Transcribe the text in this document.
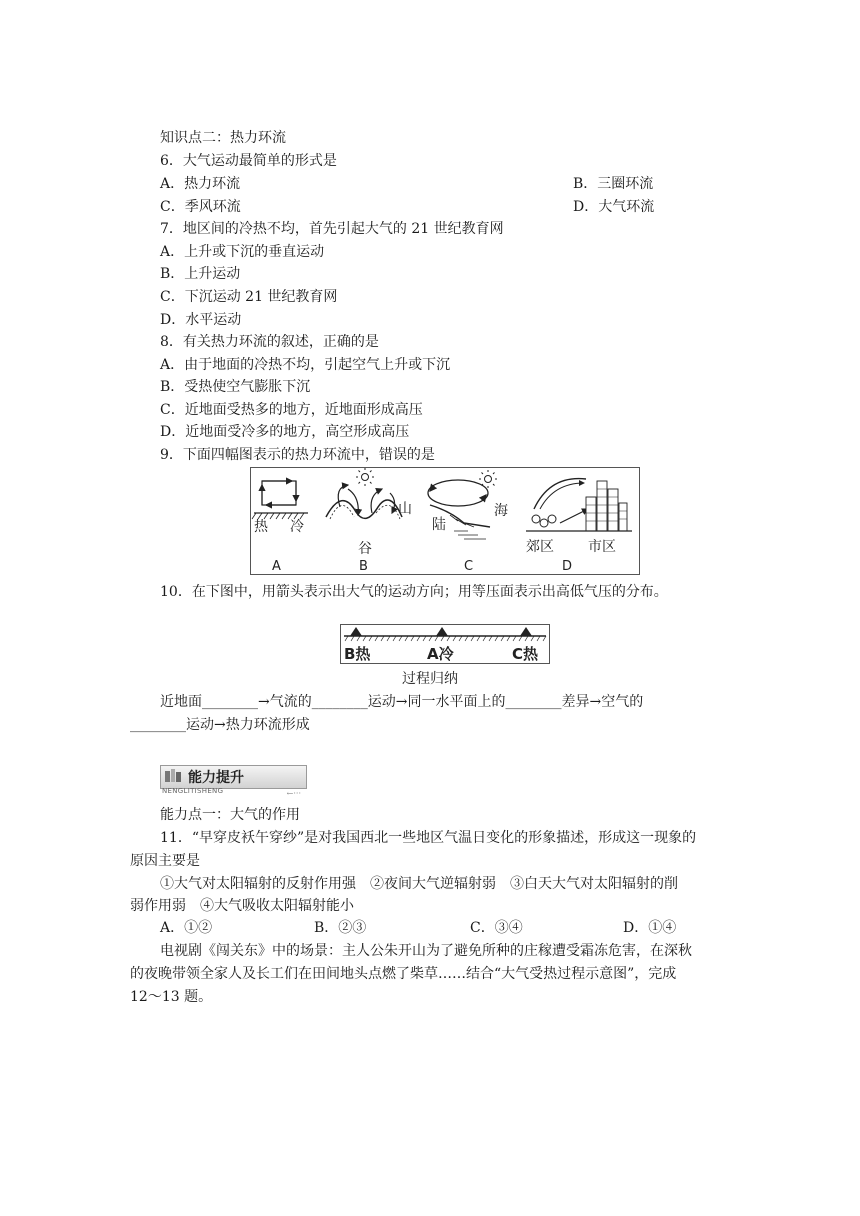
知识点二：热力环流
6．大气运动最简单的形式是
A．热力环流	B．三圈环流
C．季风环流	D．大气环流
7．地区间的冷热不均，首先引起大气的 21 世纪教育网
A．上升或下沉的垂直运动
B．上升运动
C．下沉运动 21 世纪教育网
D．水平运动
8．有关热力环流的叙述，正确的是
A．由于地面的冷热不均，引起空气上升或下沉
B．受热使空气膨胀下沉
C．近地面受热多的地方，近地面形成高压
D．近地面受冷多的地方，高空形成高压
9．下面四幅图表示的热力环流中，错误的是
热 冷
山
谷
陆
海
郊区 市区
A	B	C	D
10．在下图中，用箭头表示出大气的运动方向；用等压面表示出高低气压的分布。
B热	A冷	C热
过程归纳
近地面________→气流的________运动→同一水平面上的________差异→空气的
________运动→热力环流形成
能力提升
NENGLITISHENG	←···
能力点一：大气的作用
11．“早穿皮袄午穿纱”是对我国西北一些地区气温日变化的形象描述，形成这一现象的
原因主要是
①大气对太阳辐射的反射作用强　②夜间大气逆辐射弱　③白天大气对太阳辐射的削
弱作用弱　④大气吸收太阳辐射能小
A．①②	B．②③	C．③④	D．①④
电视剧《闯关东》中的场景：主人公朱开山为了避免所种的庄稼遭受霜冻危害，在深秋
的夜晚带领全家人及长工们在田间地头点燃了柴草……结合“大气受热过程示意图”，完成
12～13 题。
